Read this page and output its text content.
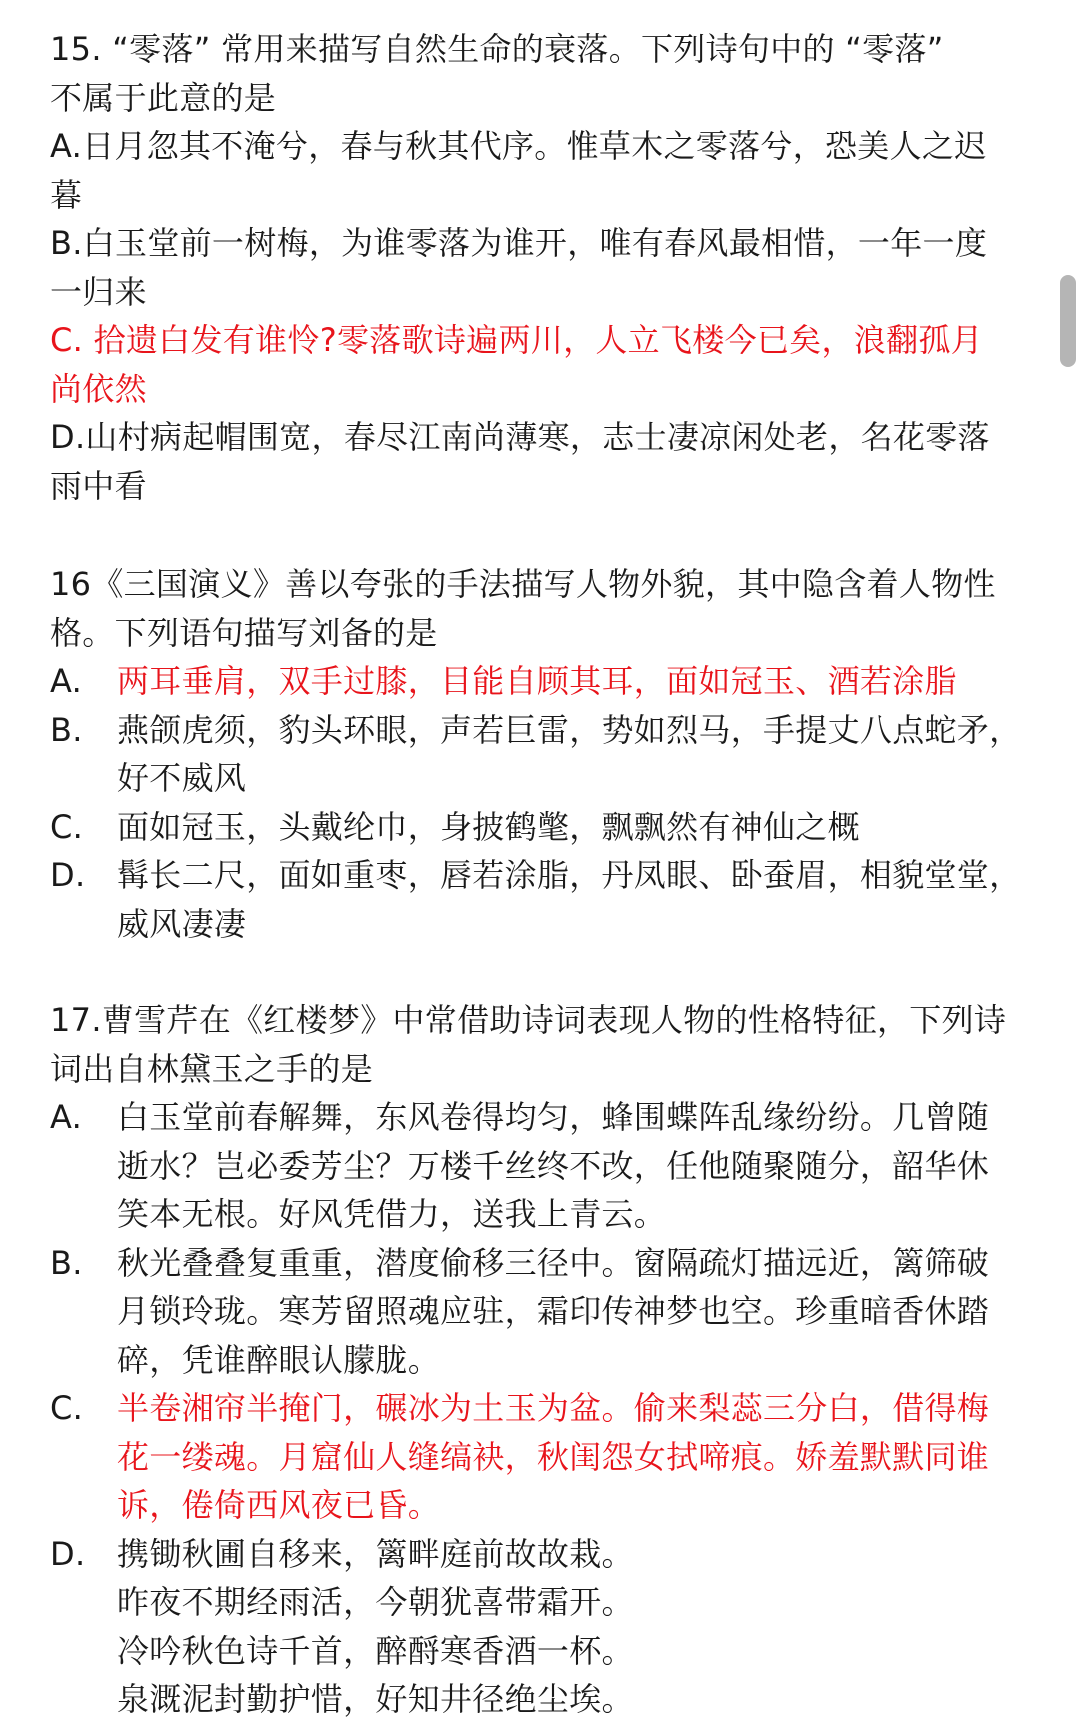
15. “零落” 常用来描写自然生命的衰落。下列诗句中的 “零落”

不属于此意的是

A.日月忽其不淹兮，春与秋其代序。惟草木之零落兮，恐美人之迟

暮

B.白玉堂前一树梅，为谁零落为谁开，唯有春风最相惜，一年一度

一归来

C. 拾遗白发有谁怜?零落歌诗遍两川，人立飞楼今已矣，浪翻孤月

尚依然

D.山村病起帽围宽，春尽江南尚薄寒，志士凄凉闲处老，名花零落

雨中看

16《三国演义》善以夸张的手法描写人物外貌，其中隐含着人物性

格。下列语句描写刘备的是

A.	两耳垂肩，双手过膝，目能自顾其耳，面如冠玉、酒若涂脂
B.	燕颌虎须，豹头环眼，声若巨雷，势如烈马，手提丈八点蛇矛，
好不威风
C.	面如冠玉，头戴纶巾，身披鹤氅，飘飘然有神仙之概
D. 髯长二尺，面如重枣，唇若涂脂，丹凤眼、卧蚕眉，相貌堂堂，
威风凄凄

17.曹雪芹在《红楼梦》中常借助诗词表现人物的性格特征，下列诗

词出自林黛玉之手的是

A.	白玉堂前春解舞，东风卷得均匀，蜂围蝶阵乱缘纷纷。几曾随
逝水？岂必委芳尘？万楼千丝终不改，任他随聚随分，韶华休
笑本无根。好风凭借力，送我上青云。
B.	秋光叠叠复重重，潜度偷移三径中。窗隔疏灯描远近，篱筛破
月锁玲珑。寒芳留照魂应驻，霜印传神梦也空。珍重暗香休踏
碎，凭谁醉眼认朦胧。
C.	半卷湘帘半掩门，碾冰为土玉为盆。偷来梨蕊三分白，借得梅
花一缕魂。月窟仙人缝缟袂，秋闺怨女拭啼痕。娇羞默默同谁
诉，倦倚西风夜已昏。
D. 携锄秋圃自移来，篱畔庭前故故栽。
昨夜不期经雨活，今朝犹喜带霜开。
冷吟秋色诗千首，醉酹寒香酒一杯。
泉溉泥封勤护惜，好知井径绝尘埃。
